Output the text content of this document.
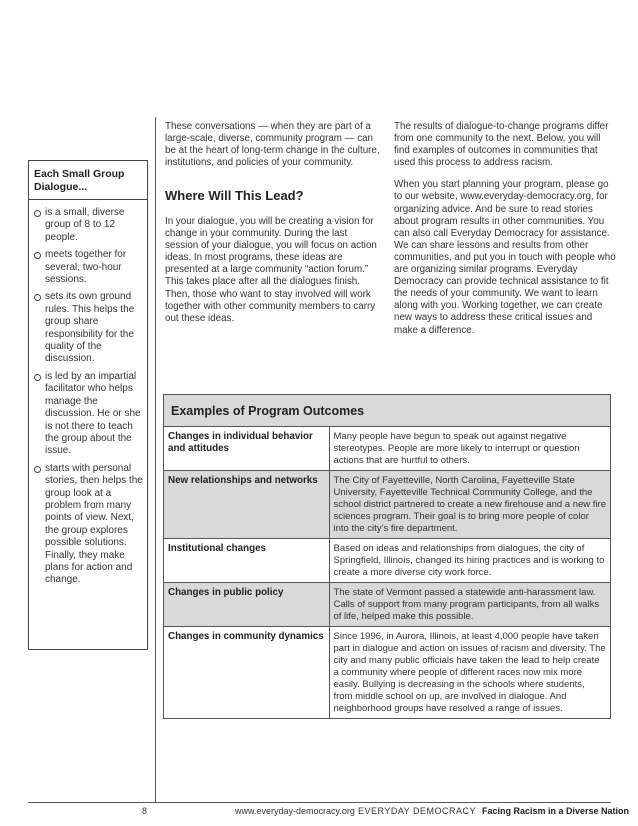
Each Small Group Dialogue...
is a small, diverse group of 8 to 12 people.
meets together for several, two-hour sessions.
sets its own ground rules. This helps the group share responsibility for the quality of the discussion.
is led by an impartial facilitator who helps manage the discussion. He or she is not there to teach the group about the issue.
starts with personal stories, then helps the group look at a problem from many points of view. Next, the group explores possible solutions. Finally, they make plans for action and change.
These conversations — when they are part of a large-scale, diverse, community program — can be at the heart of long-term change in the culture, institutions, and policies of your community.
Where Will This Lead?
In your dialogue, you will be creating a vision for change in your community. During the last session of your dialogue, you will focus on action ideas. In most programs, these ideas are presented at a large community “action forum.” This takes place after all the dialogues finish. Then, those who want to stay involved will work together with other community members to carry out these ideas.

The results of dialogue-to-change programs differ from one community to the next. Below, you will find examples of outcomes in communities that used this process to address racism.

When you start planning your program, please go to our website, www.everyday-democracy.org, for organizing advice. And be sure to read stories about program results in other communities. You can also call Everyday Democracy for assistance. We can share lessons and results from other communities, and put you in touch with people who are organizing similar programs. Everyday Democracy can provide technical assistance to fit the needs of your community. We want to learn along with you. Working together, we can create new ways to address these critical issues and make a difference.

Examples of Program Outcomes
Changes in individual behavior and attitudes	Many people have begun to speak out against negative stereotypes. People are more likely to interrupt or question actions that are hurtful to others.
New relationships and networks	The City of Fayetteville, North Carolina, Fayetteville State University, Fayetteville Technical Community College, and the school district partnered to create a new firehouse and a new fire sciences program. Their goal is to bring more people of color into the city’s fire department.
Institutional changes	Based on ideas and relationships from dialogues, the city of Springfield, Illinois, changed its hiring practices and is working to create a more diverse city work force.
Changes in public policy	The state of Vermont passed a statewide anti-harassment law. Calls of support from many program participants, from all walks of life, helped make this possible.
Changes in community dynamics	Since 1996, in Aurora, Illinois, at least 4,000 people have taken part in dialogue and action on issues of racism and diversity. The city and many public officials have taken the lead to help create a community where people of different races now mix more easily. Bullying is decreasing in the schools where students, from middle school on up, are involved in dialogue. And neighborhood groups have resolved a range of issues.
8	www.everyday-democracy.org EVERYDAY DEMOCRACY Facing Racism in a Diverse Nation
